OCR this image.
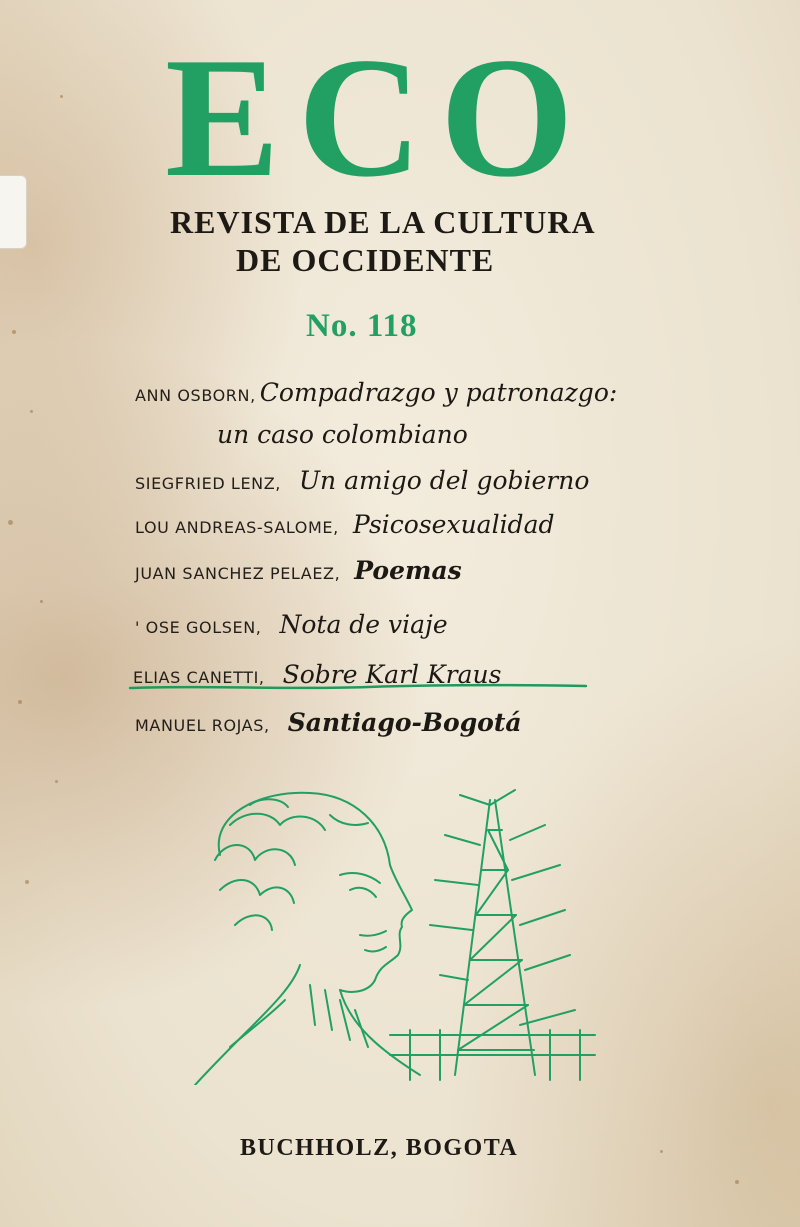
ECO
REVISTA DE LA CULTURA
DE OCCIDENTE
No. 118
ANN OSBORN, Compadrazgo y patronazgo:
un caso colombiano
SIEGFRIED LENZ, Un amigo del gobierno
LOU ANDREAS-SALOME, Psicosexualidad
JUAN SANCHEZ PELAEZ, Poemas
' OSE GOLSEN, Nota de viaje
ELIAS CANETTI, Sobre Karl Kraus
MANUEL ROJAS, Santiago-Bogotá
BUCHHOLZ, BOGOTA
